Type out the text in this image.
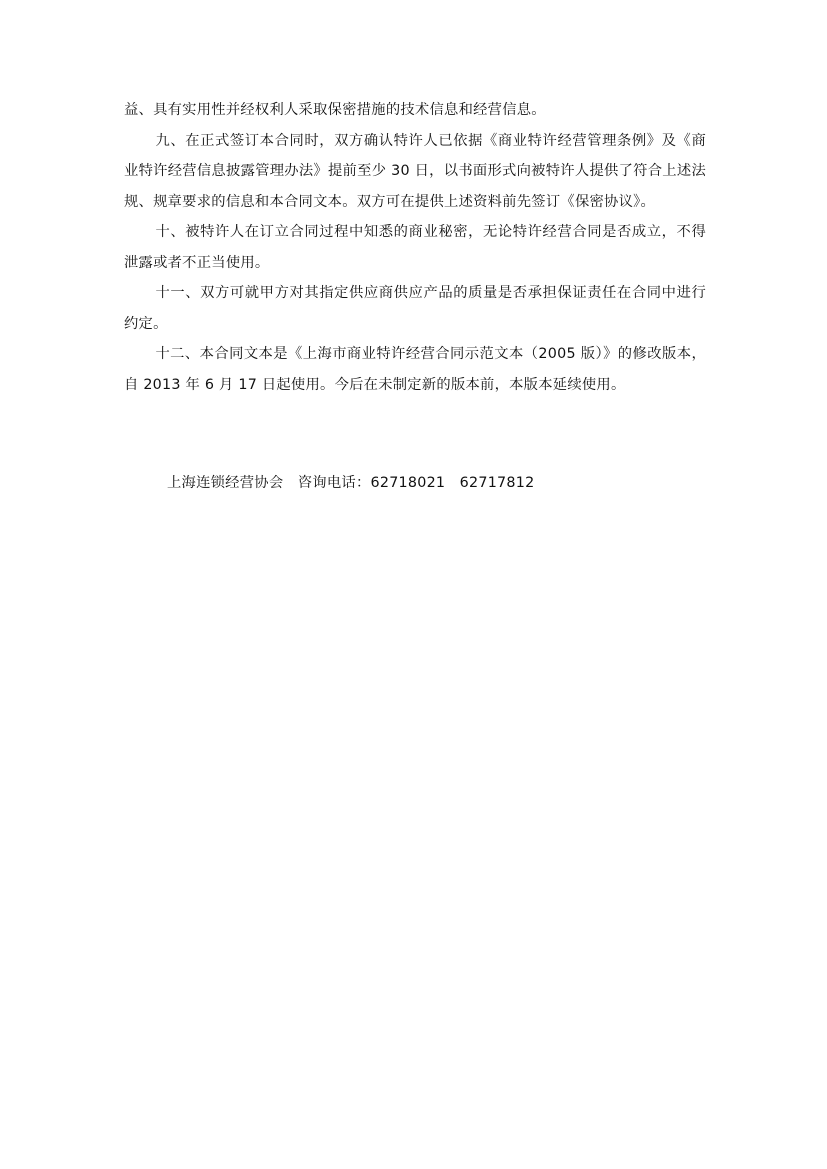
益、具有实用性并经权利人采取保密措施的技术信息和经营信息。

九、在正式签订本合同时，双方确认特许人已依据《商业特许经营管理条例》及《商业特许经营信息披露管理办法》提前至少 30 日，以书面形式向被特许人提供了符合上述法规、规章要求的信息和本合同文本。双方可在提供上述资料前先签订《保密协议》。

十、被特许人在订立合同过程中知悉的商业秘密，无论特许经营合同是否成立，不得泄露或者不正当使用。

十一、双方可就甲方对其指定供应商供应产品的质量是否承担保证责任在合同中进行约定。

十二、本合同文本是《上海市商业特许经营合同示范文本（2005 版）》的修改版本，自 2013 年 6 月 17 日起使用。今后在未制定新的版本前，本版本延续使用。

上海连锁经营协会 咨询电话：62718021 62717812
